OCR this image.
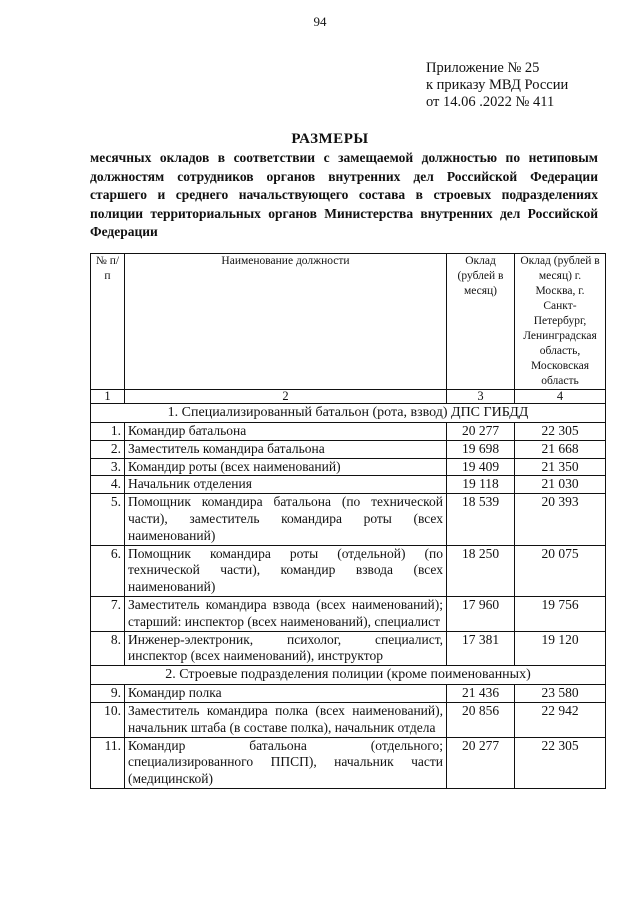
94
Приложение № 25
к приказу МВД России
от 14.06 .2022 № 411
РАЗМЕРЫ
месячных окладов в соответствии с замещаемой должностью по нетиповым должностям сотрудников органов внутренних дел Российской Федерации старшего и среднего начальствующего состава в строевых подразделениях полиции территориальных органов Министерства внутренних дел Российской Федерации
№ п/п	Наименование должности	Оклад (рублей в месяц)	Оклад (рублей в месяц) г. Москва, г. Санкт-Петербург, Ленинградская область, Московская область
1	2	3	4
1. Специализированный батальон (рота, взвод) ДПС ГИБДД			
1.	Командир батальона	20 277	22 305
2.	Заместитель командира батальона	19 698	21 668
3.	Командир роты (всех наименований)	19 409	21 350
4.	Начальник отделения	19 118	21 030
5.	Помощник командира батальона (по технической части), заместитель командира роты (всех наименований)	18 539	20 393
6.	Помощник командира роты (отдельной) (по технической части), командир взвода (всех наименований)	18 250	20 075
7.	Заместитель командира взвода (всех наименований); старший: инспектор (всех наименований), специалист	17 960	19 756
8.	Инженер-электроник, психолог, специалист, инспектор (всех наименований), инструктор	17 381	19 120
2. Строевые подразделения полиции (кроме поименованных)			
9.	Командир полка	21 436	23 580
10.	Заместитель командира полка (всех наименований), начальник штаба (в составе полка), начальник отдела	20 856	22 942
11.	Командир батальона (отдельного; специализированного ППСП), начальник части (медицинской)	20 277	22 305
